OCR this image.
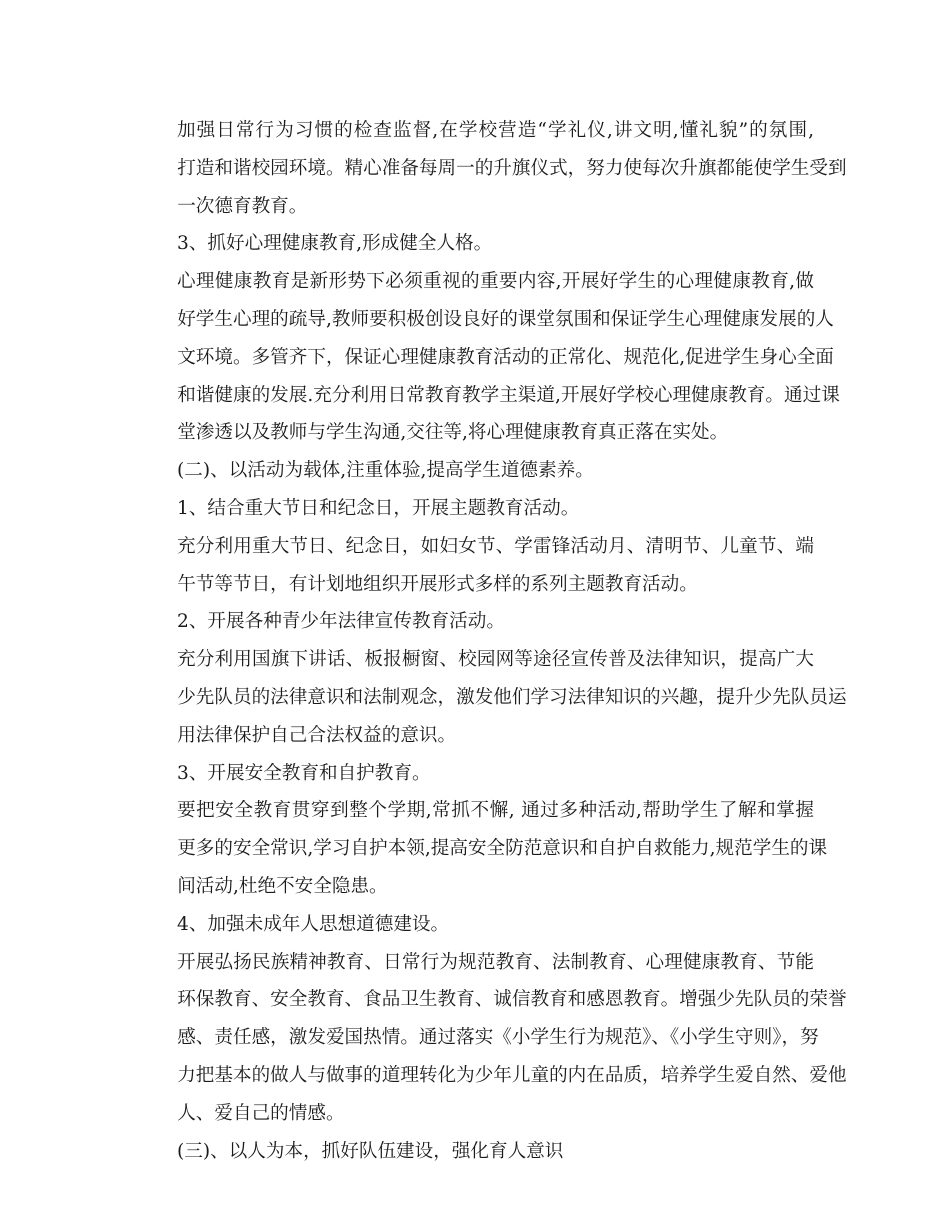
加强日常行为习惯的检查监督,在学校营造“学礼仪,讲文明,懂礼貌”的氛围,
打造和谐校园环境。精心准备每周一的升旗仪式，努力使每次升旗都能使学生受到
一次德育教育。

3、抓好心理健康教育,形成健全人格。

心理健康教育是新形势下必须重视的重要内容,开展好学生的心理健康教育,做
好学生心理的疏导,教师要积极创设良好的课堂氛围和保证学生心理健康发展的人
文环境。多管齐下，保证心理健康教育活动的正常化、规范化,促进学生身心全面
和谐健康的发展.充分利用日常教育教学主渠道,开展好学校心理健康教育。通过课
堂渗透以及教师与学生沟通,交往等,将心理健康教育真正落在实处。

(二)、以活动为载体,注重体验,提高学生道德素养。

1、结合重大节日和纪念日，开展主题教育活动。

充分利用重大节日、纪念日，如妇女节、学雷锋活动月、清明节、儿童节、端
午节等节日，有计划地组织开展形式多样的系列主题教育活动。

2、开展各种青少年法律宣传教育活动。

充分利用国旗下讲话、板报橱窗、校园网等途径宣传普及法律知识，提高广大
少先队员的法律意识和法制观念，激发他们学习法律知识的兴趣，提升少先队员运
用法律保护自己合法权益的意识。

3、开展安全教育和自护教育。

要把安全教育贯穿到整个学期,常抓不懈, 通过多种活动,帮助学生了解和掌握
更多的安全常识,学习自护本领,提高安全防范意识和自护自救能力,规范学生的课
间活动,杜绝不安全隐患。

4、加强未成年人思想道德建设。

开展弘扬民族精神教育、日常行为规范教育、法制教育、心理健康教育、节能
环保教育、安全教育、食品卫生教育、诚信教育和感恩教育。增强少先队员的荣誉
感、责任感，激发爱国热情。通过落实《小学生行为规范》、《小学生守则》，努
力把基本的做人与做事的道理转化为少年儿童的内在品质，培养学生爱自然、爱他
人、爱自己的情感。

(三)、以人为本，抓好队伍建设，强化育人意识
